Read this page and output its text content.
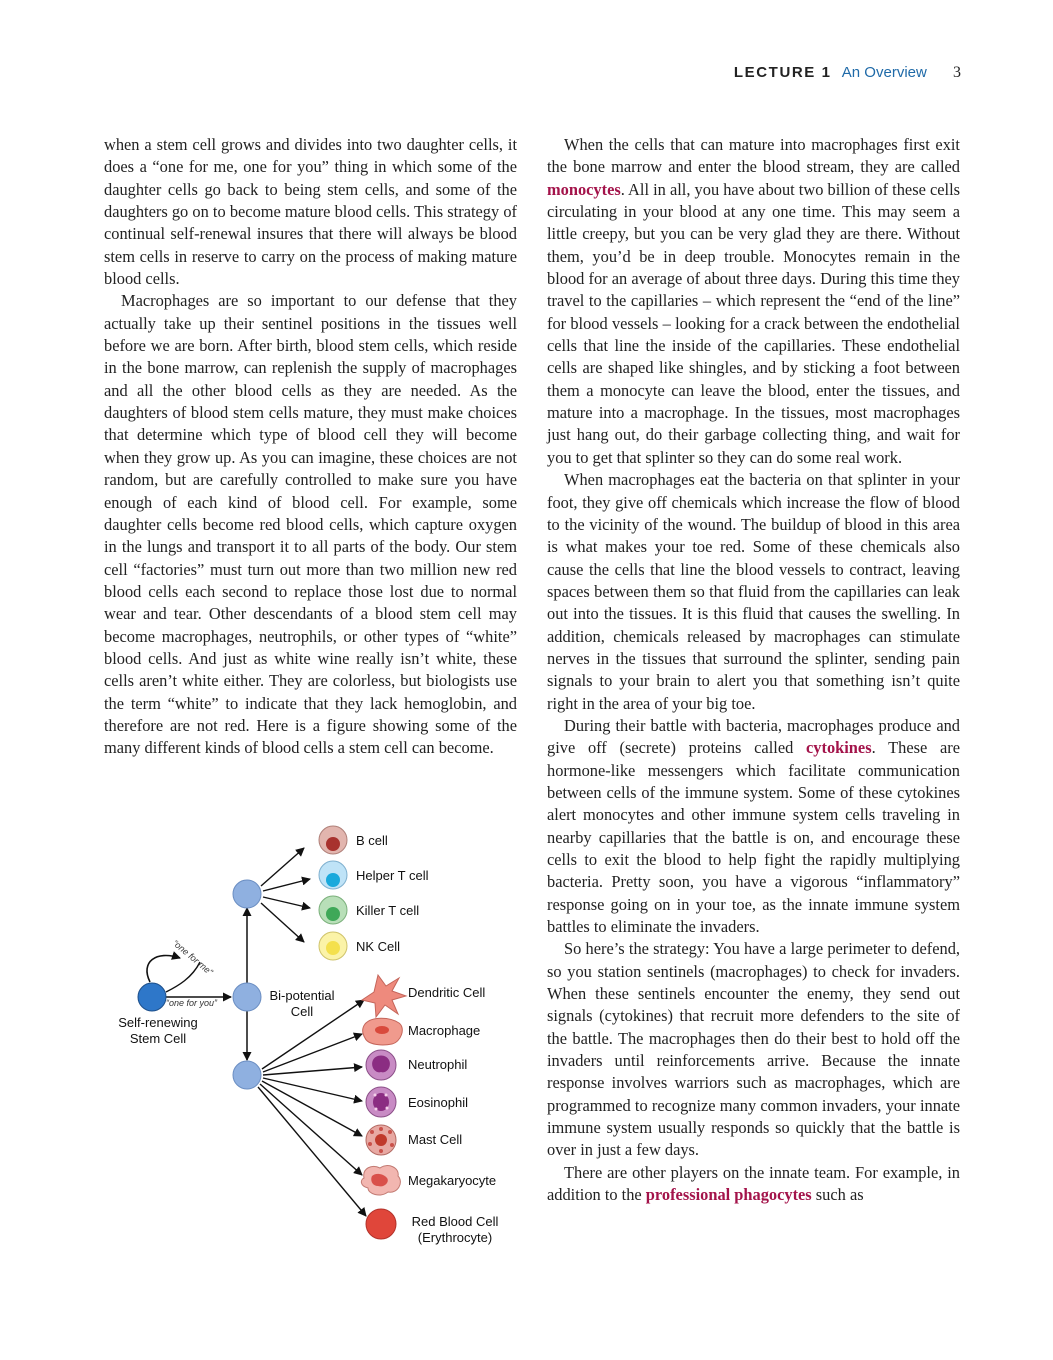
LECTURE 1 An Overview 3

when a stem cell grows and divides into two daughter cells, it does a “one for me, one for you” thing in which some of the daughter cells go back to being stem cells, and some of the daughters go on to become mature blood cells. This strategy of continual self-renewal insures that there will always be blood stem cells in reserve to carry on the process of making mature blood cells.

Macrophages are so important to our defense that they actually take up their sentinel positions in the tissues well before we are born. After birth, blood stem cells, which reside in the bone marrow, can replenish the supply of macrophages and all the other blood cells as they are needed. As the daughters of blood stem cells mature, they must make choices that determine which type of blood cell they will become when they grow up. As you can imagine, these choices are not random, but are carefully controlled to make sure you have enough of each kind of blood cell. For example, some daughter cells become red blood cells, which capture oxygen in the lungs and transport it to all parts of the body. Our stem cell “factories” must turn out more than two million new red blood cells each second to replace those lost due to normal wear and tear. Other descendants of a blood stem cell may become macrophages, neutrophils, or other types of “white” blood cells. And just as white wine really isn’t white, these cells aren’t white either. They are colorless, but biologists use the term “white” to indicate that they lack hemoglobin, and therefore are not red. Here is a figure showing some of the many different kinds of blood cells a stem cell can become.

When the cells that can mature into macrophages first exit the bone marrow and enter the blood stream, they are called monocytes. All in all, you have about two billion of these cells circulating in your blood at any one time. This may seem a little creepy, but you can be very glad they are there. Without them, you’d be in deep trouble. Monocytes remain in the blood for an average of about three days. During this time they travel to the capillaries – which represent the “end of the line” for blood vessels – looking for a crack between the endothelial cells that line the inside of the capillaries. These endothelial cells are shaped like shingles, and by sticking a foot between them a monocyte can leave the blood, enter the tissues, and mature into a macrophage. In the tissues, most macrophages just hang out, do their garbage collecting thing, and wait for you to get that splinter so they can do some real work.

When macrophages eat the bacteria on that splinter in your foot, they give off chemicals which increase the flow of blood to the vicinity of the wound. The buildup of blood in this area is what makes your toe red. Some of these chemicals also cause the cells that line the blood vessels to contract, leaving spaces between them so that fluid from the capillaries can leak out into the tissues. It is this fluid that causes the swelling. In addition, chemicals released by macrophages can stimulate nerves in the tissues that surround the splinter, sending pain signals to your brain to alert you that something isn’t quite right in the area of your big toe.

During their battle with bacteria, macrophages produce and give off (secrete) proteins called cytokines. These are hormone-like messengers which facilitate communication between cells of the immune system. Some of these cytokines alert monocytes and other immune system cells traveling in nearby capillaries that the battle is on, and encourage these cells to exit the blood to help fight the rapidly multiplying bacteria. Pretty soon, you have a vigorous “inflammatory” response going on in your toe, as the innate immune system battles to eliminate the invaders.

So here’s the strategy: You have a large perimeter to defend, so you station sentinels (macrophages) to check for invaders. When these sentinels encounter the enemy, they send out signals (cytokines) that recruit more defenders to the site of the battle. The macrophages then do their best to hold off the invaders until reinforcements arrive. Because the innate response involves warriors such as macrophages, which are programmed to recognize many common invaders, your innate immune system usually responds so quickly that the battle is over in just a few days.

There are other players on the innate team. For example, in addition to the professional phagocytes such as

“one for me”
“one for you”
Self-renewing
Stem Cell
Bi-potential
Cell
B cell
Helper T cell
Killer T cell
NK Cell
Dendritic Cell
Macrophage
Neutrophil
Eosinophil
Mast Cell
Megakaryocyte
Red Blood Cell
(Erythrocyte)
